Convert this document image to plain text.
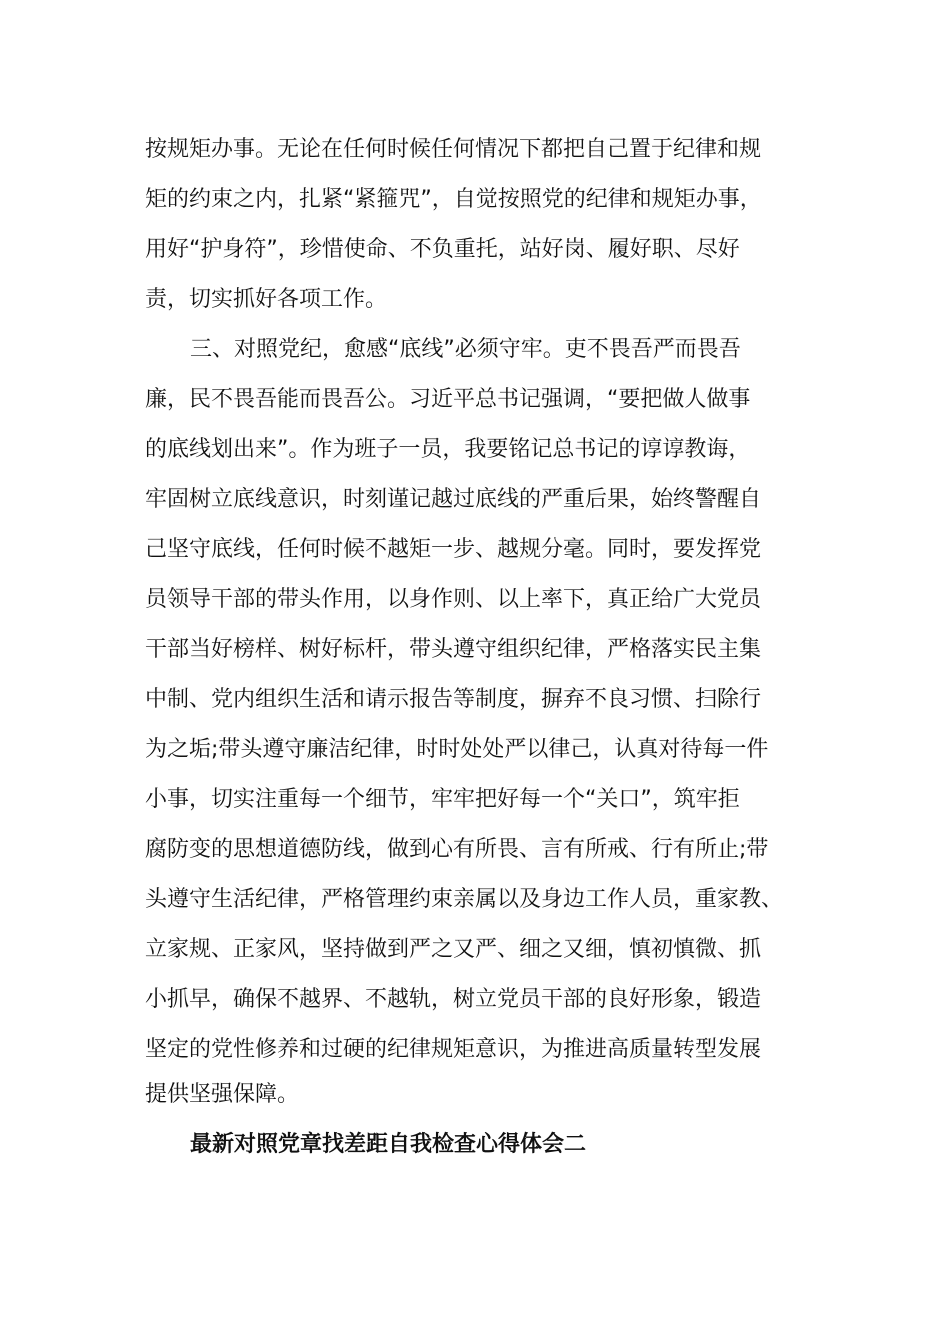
按规矩办事。无论在任何时候任何情况下都把自己置于纪律和规
矩的约束之内，扎紧“紧箍咒”，自觉按照党的纪律和规矩办事，
用好“护身符”，珍惜使命、不负重托，站好岗、履好职、尽好
责，切实抓好各项工作。
三、对照党纪，愈感“底线”必须守牢。吏不畏吾严而畏吾
廉，民不畏吾能而畏吾公。习近平总书记强调，“要把做人做事
的底线划出来”。作为班子一员，我要铭记总书记的谆谆教诲，
牢固树立底线意识，时刻谨记越过底线的严重后果，始终警醒自
己坚守底线，任何时候不越矩一步、越规分毫。同时，要发挥党
员领导干部的带头作用，以身作则、以上率下，真正给广大党员
干部当好榜样、树好标杆，带头遵守组织纪律，严格落实民主集
中制、党内组织生活和请示报告等制度，摒弃不良习惯、扫除行
为之垢;带头遵守廉洁纪律，时时处处严以律己，认真对待每一件
小事，切实注重每一个细节，牢牢把好每一个“关口”，筑牢拒
腐防变的思想道德防线，做到心有所畏、言有所戒、行有所止;带
头遵守生活纪律，严格管理约束亲属以及身边工作人员，重家教、
立家规、正家风，坚持做到严之又严、细之又细，慎初慎微、抓
小抓早，确保不越界、不越轨，树立党员干部的良好形象，锻造
坚定的党性修养和过硬的纪律规矩意识，为推进高质量转型发展
提供坚强保障。
最新对照党章找差距自我检查心得体会二
